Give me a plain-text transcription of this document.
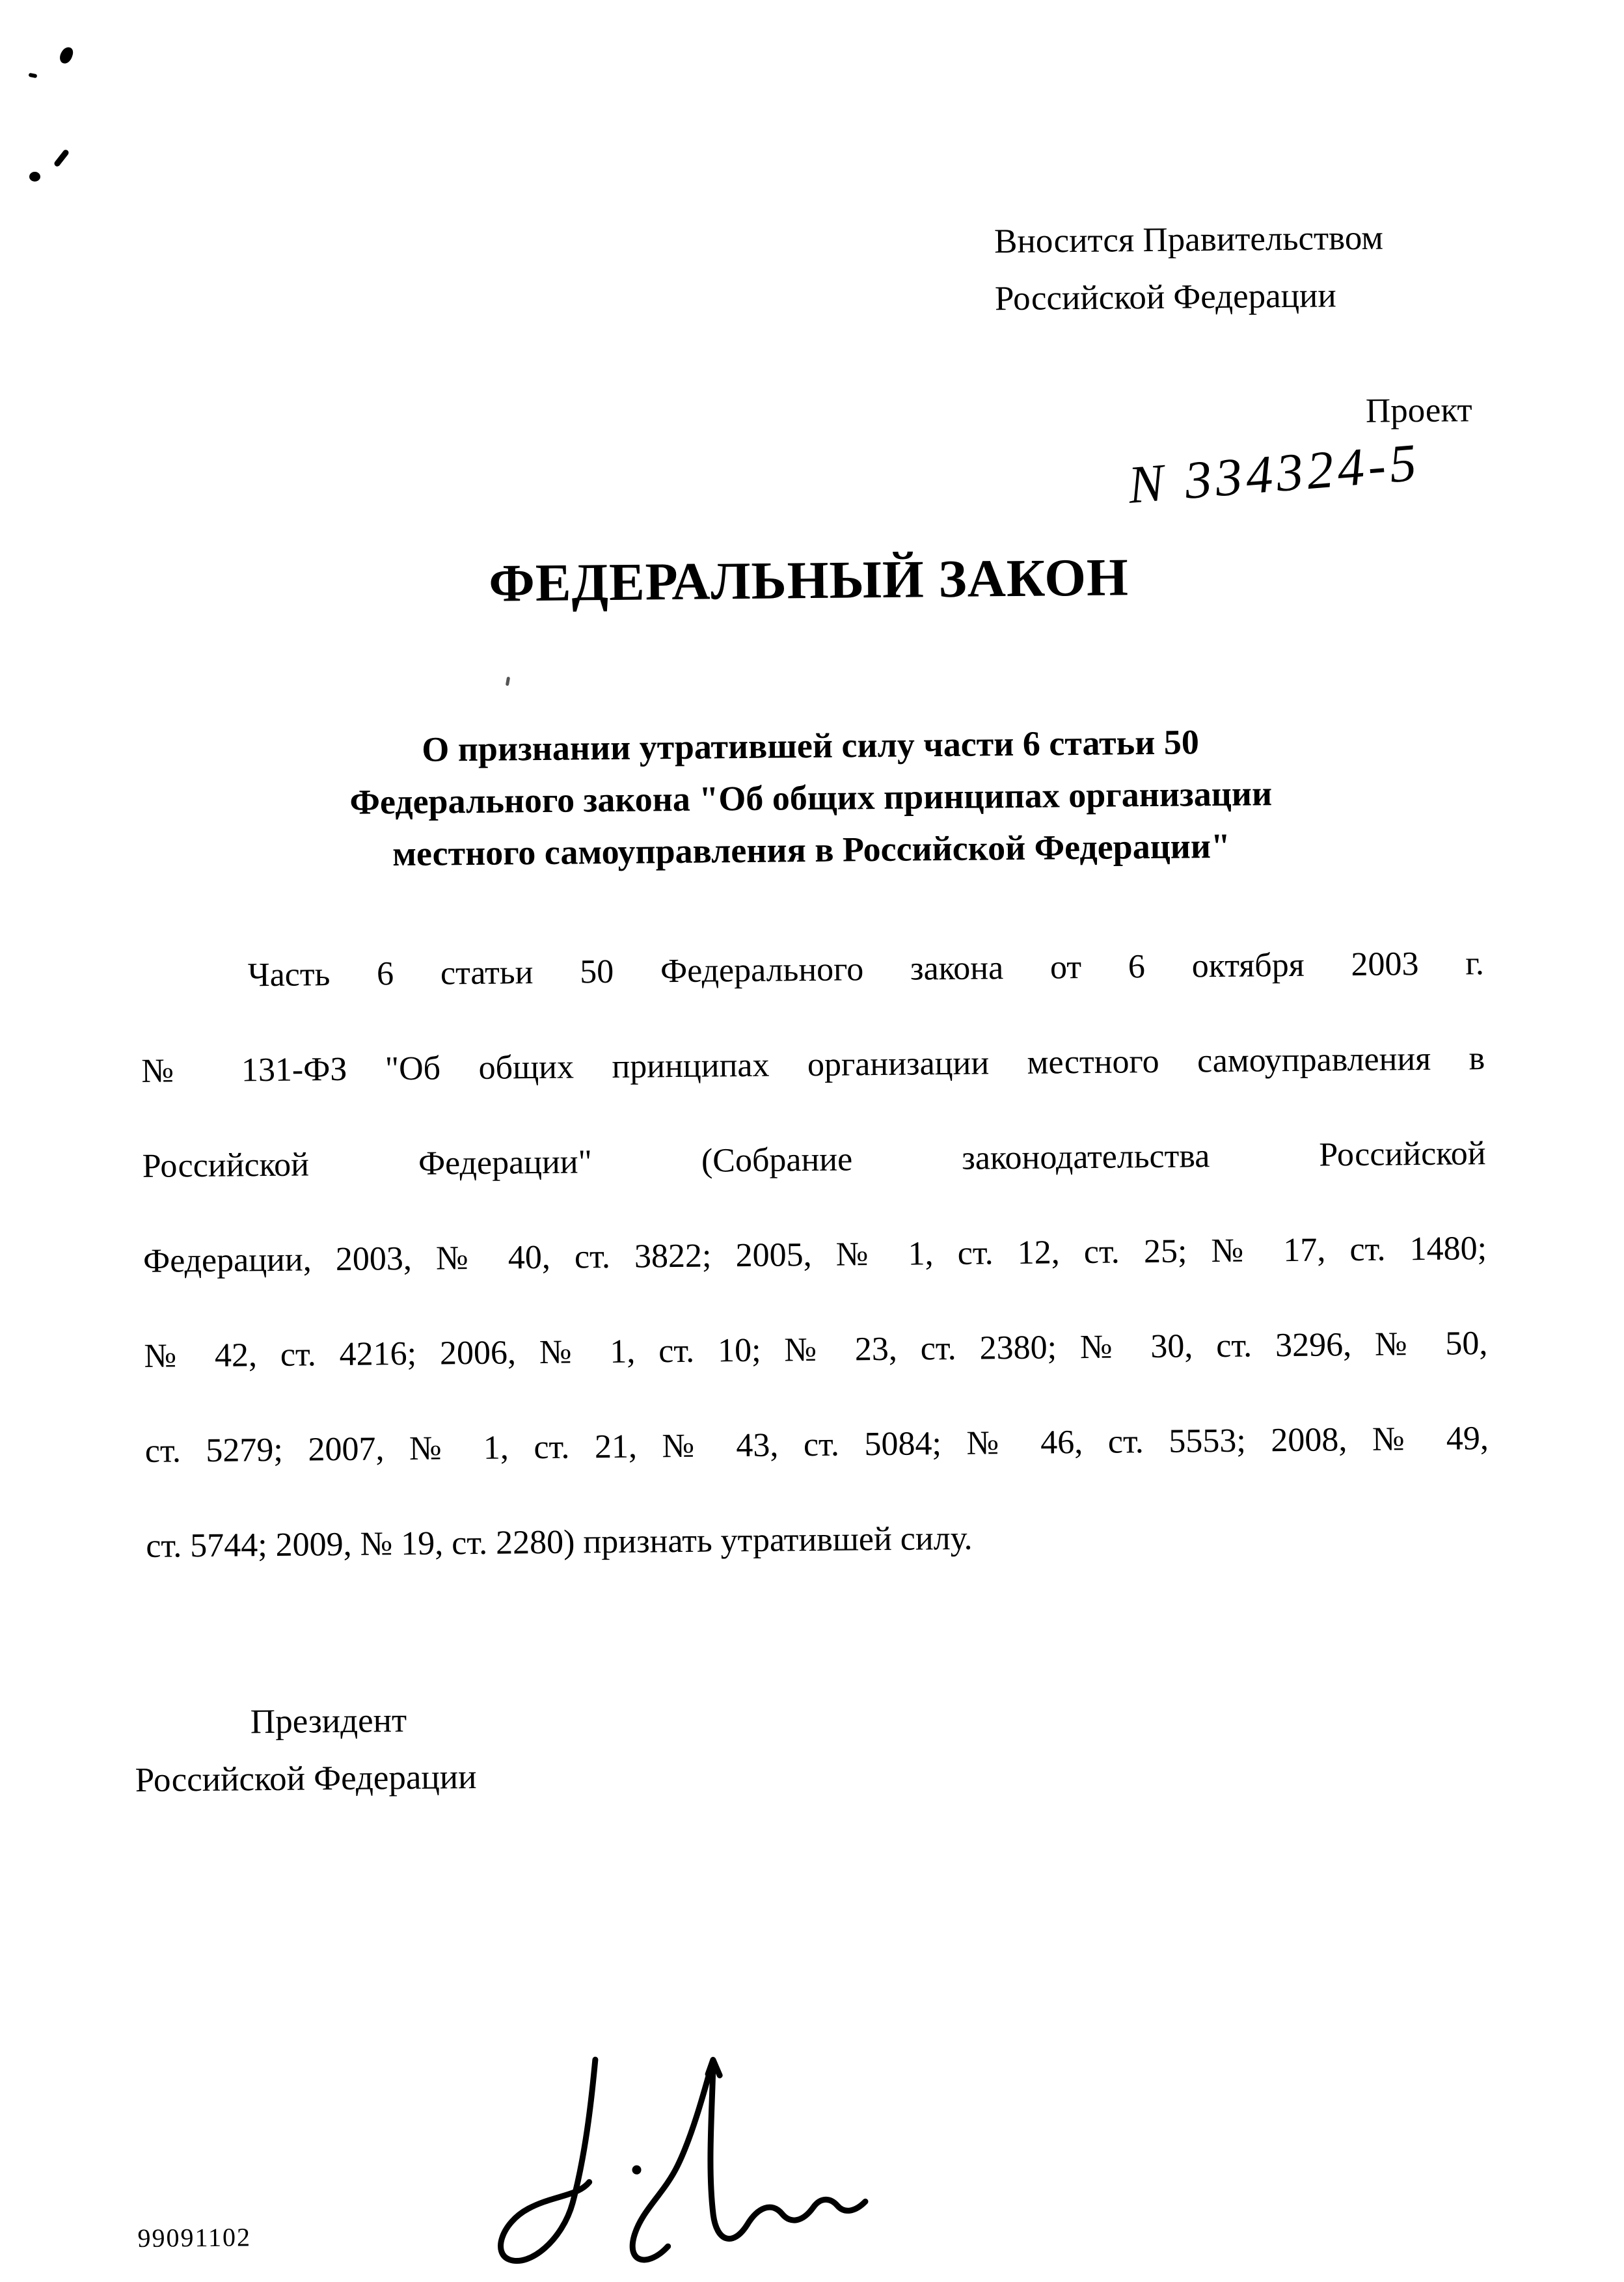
Вносится Правительством
Российской Федерации
Проект
N 334324-5
ФЕДЕРАЛЬНЫЙ ЗАКОН
О признании утратившей силу части 6 статьи 50
Федерального закона "Об общих принципах организации
местного самоуправления в Российской Федерации"
Часть 6 статьи 50 Федерального закона от 6 октября 2003 г.
№ 131-ФЗ "Об общих принципах организации местного самоуправления в
Российской Федерации" (Собрание законодательства Российской
Федерации, 2003, № 40, ст. 3822; 2005, № 1, ст. 12, ст. 25; № 17, ст. 1480;
№ 42, ст. 4216; 2006, № 1, ст. 10; № 23, ст. 2380; № 30, ст. 3296, № 50,
ст. 5279; 2007, № 1, ст. 21, № 43, ст. 5084; № 46, ст. 5553; 2008, № 49,
ст. 5744; 2009, № 19, ст. 2280) признать утратившей силу.
Президент
Российской Федерации
99091102
